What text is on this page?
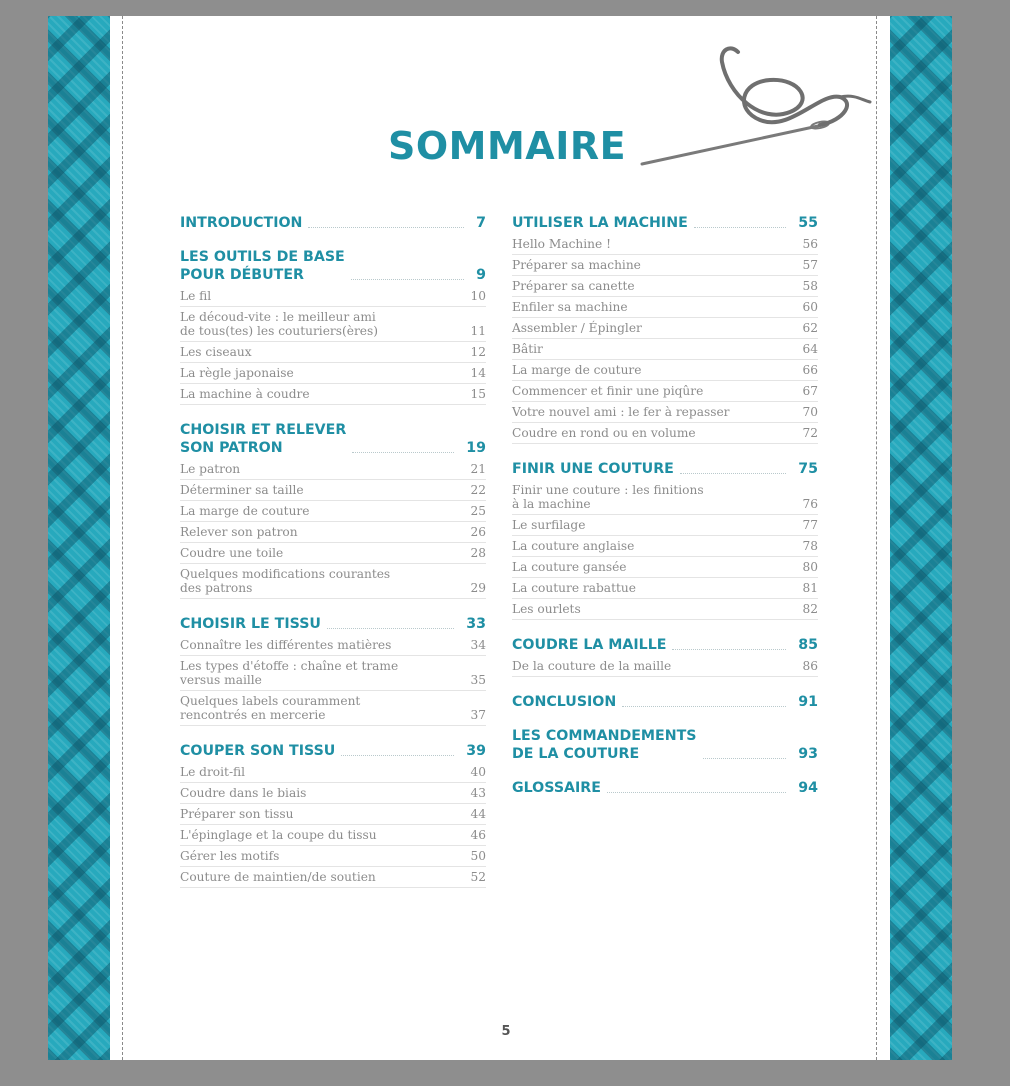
SOMMAIRE
INTRODUCTION	7
LES OUTILS DE BASE
POUR DÉBUTER	9
Le fil	10
Le découd-vite : le meilleur ami
de tous(tes) les couturiers(ères)	11
Les ciseaux	12
La règle japonaise	14
La machine à coudre	15
CHOISIR ET RELEVER
SON PATRON	19
Le patron	21
Déterminer sa taille	22
La marge de couture	25
Relever son patron	26
Coudre une toile	28
Quelques modifications courantes
des patrons	29
CHOISIR LE TISSU	33
Connaître les différentes matières	34
Les types d'étoffe : chaîne et trame
versus maille	35
Quelques labels couramment
rencontrés en mercerie	37
COUPER SON TISSU	39
Le droit-fil	40
Coudre dans le biais	43
Préparer son tissu	44
L'épinglage et la coupe du tissu	46
Gérer les motifs	50
Couture de maintien/de soutien	52
UTILISER LA MACHINE	55
Hello Machine !	56
Préparer sa machine	57
Préparer sa canette	58
Enfiler sa machine	60
Assembler / Épingler	62
Bâtir	64
La marge de couture	66
Commencer et finir une piqûre	67
Votre nouvel ami : le fer à repasser	70
Coudre en rond ou en volume	72
FINIR UNE COUTURE	75
Finir une couture : les finitions
à la machine	76
Le surfilage	77
La couture anglaise	78
La couture gansée	80
La couture rabattue	81
Les ourlets	82
COUDRE LA MAILLE	85
De la couture de la maille	86
CONCLUSION	91
LES COMMANDEMENTS
DE LA COUTURE	93
GLOSSAIRE	94
5
